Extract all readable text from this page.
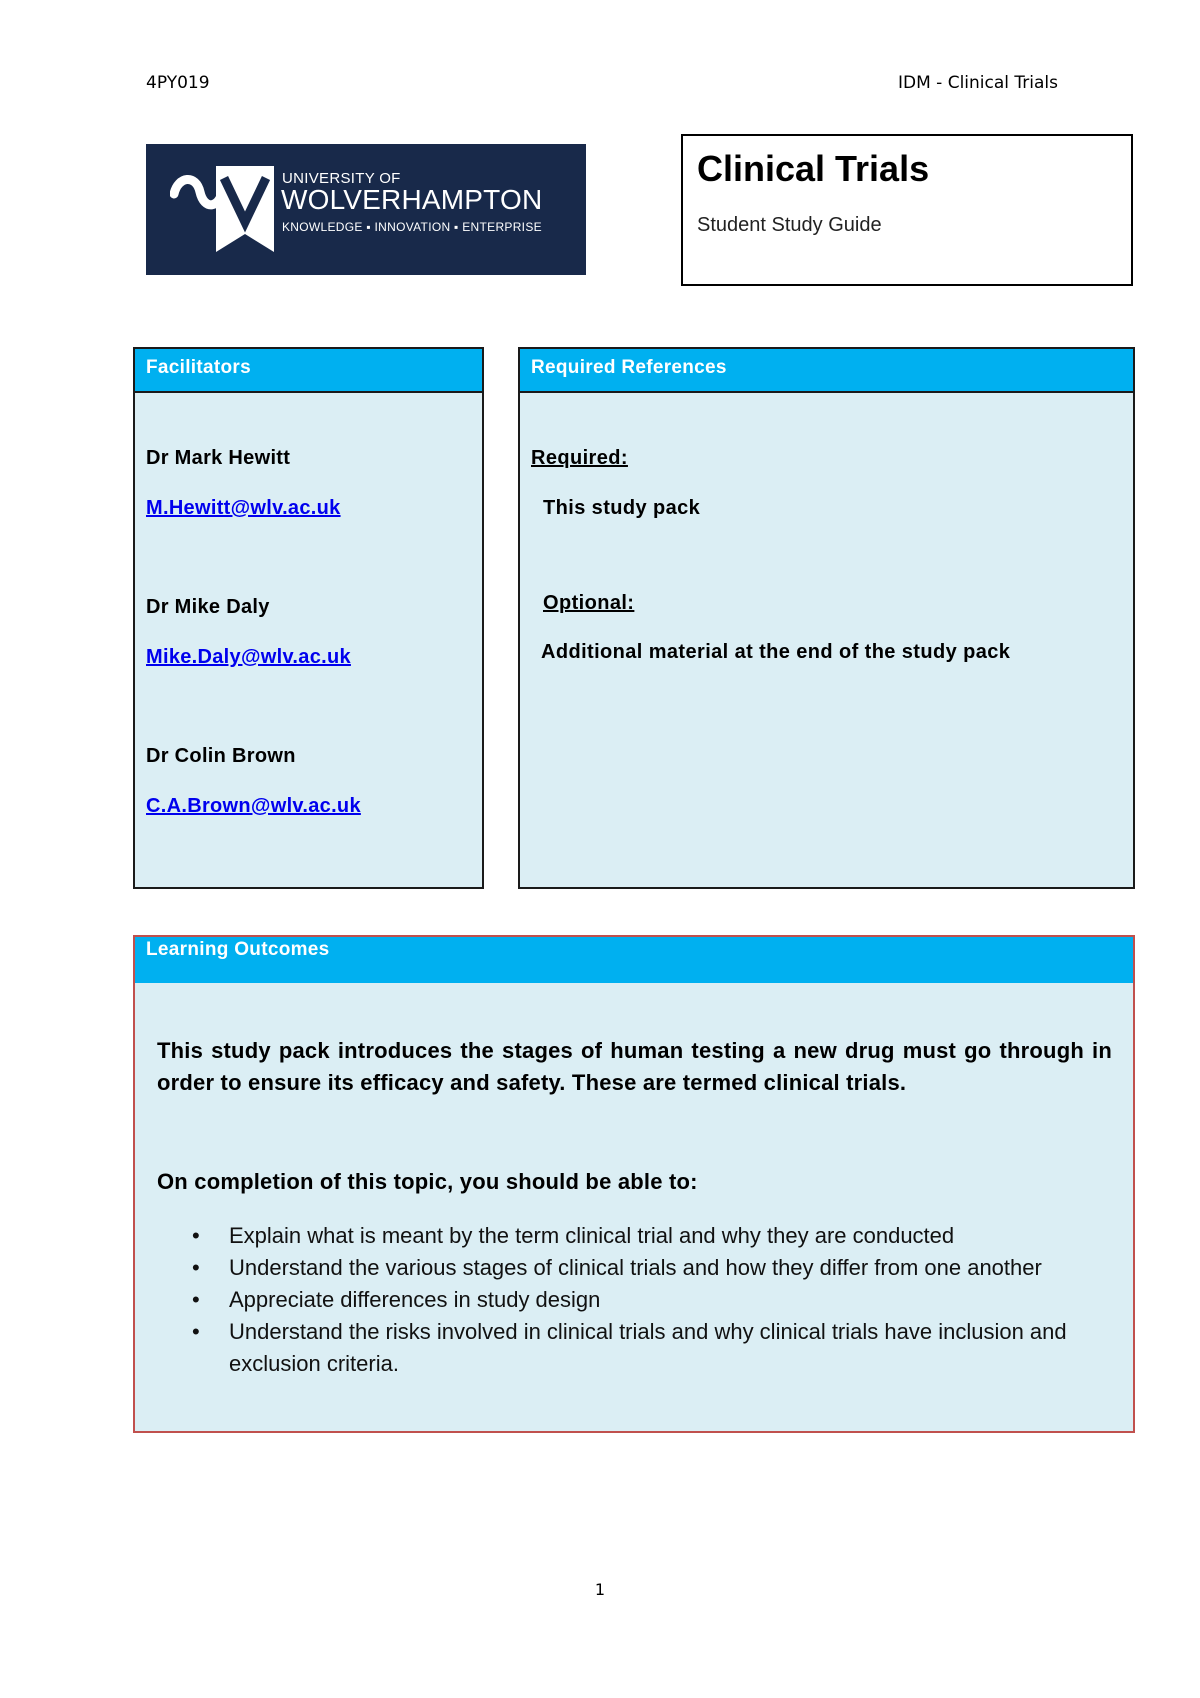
4PY019	IDM - Clinical Trials
UNIVERSITY OF
WOLVERHAMPTON
KNOWLEDGE ▪ INNOVATION ▪ ENTERPRISE
Clinical Trials
Student Study Guide
Facilitators
Dr Mark Hewitt
M.Hewitt@wlv.ac.uk
Dr Mike Daly
Mike.Daly@wlv.ac.uk
Dr Colin Brown
C.A.Brown@wlv.ac.uk
Required References
Required:
This study pack
Optional:
Additional material at the end of the study pack
Learning Outcomes
This study pack introduces the stages of human testing a new drug must go through in order to ensure its efficacy and safety. These are termed clinical trials.
On completion of this topic, you should be able to:
• Explain what is meant by the term clinical trial and why they are conducted
• Understand the various stages of clinical trials and how they differ from one another
• Appreciate differences in study design
• Understand the risks involved in clinical trials and why clinical trials have inclusion and exclusion criteria.
1
